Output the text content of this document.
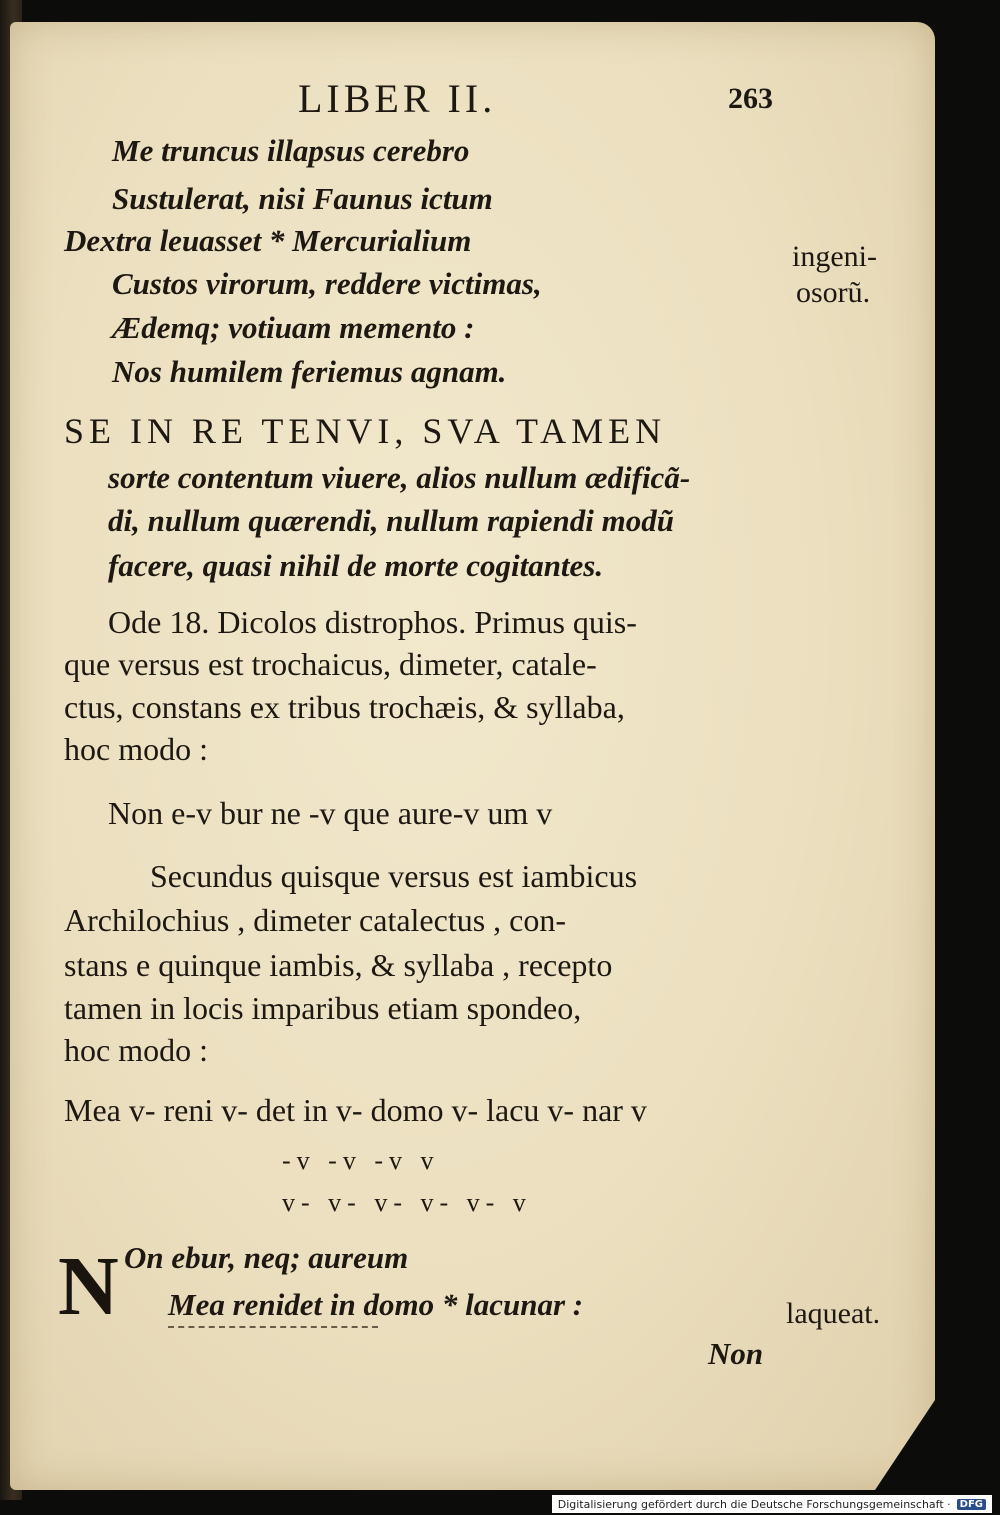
LIBER II.	263
Me truncus illapsus cerebro
Sustulerat, nisi Faunus ictum
Dextra leuasset * Mercurialium
Custos virorum, reddere victimas,
Ædemq; votiuam memento :
Nos humilem feriemus agnam.
ingeni-
osorũ.
SE IN RE TENVI, SVA TAMEN
sorte contentum viuere, alios nullum ædificã-
di, nullum quærendi, nullum rapiendi modũ
facere, quasi nihil de morte cogitantes.
Ode 18. Dicolos distrophos. Primus quis-
que versus est trochaicus, dimeter, catale-
ctus, constans ex tribus trochæis, & syllaba,
hoc modo :
Non e-v bur ne -v que aure-v um v
Secundus quisque versus est iambicus
Archilochius , dimeter catalectus , con-
stans e quinque iambis, & syllaba , recepto
tamen in locis imparibus etiam spondeo,
hoc modo :
Mea v- reni v- det in v- domo v- lacu v- nar v
-v -v -v v
v- v- v- v- v- v
N On ebur, neq; aureum
Mea renidet in domo * lacunar :
Non
laqueat.
Digitalisierung gefördert durch die Deutsche Forschungsgemeinschaft · DFG
